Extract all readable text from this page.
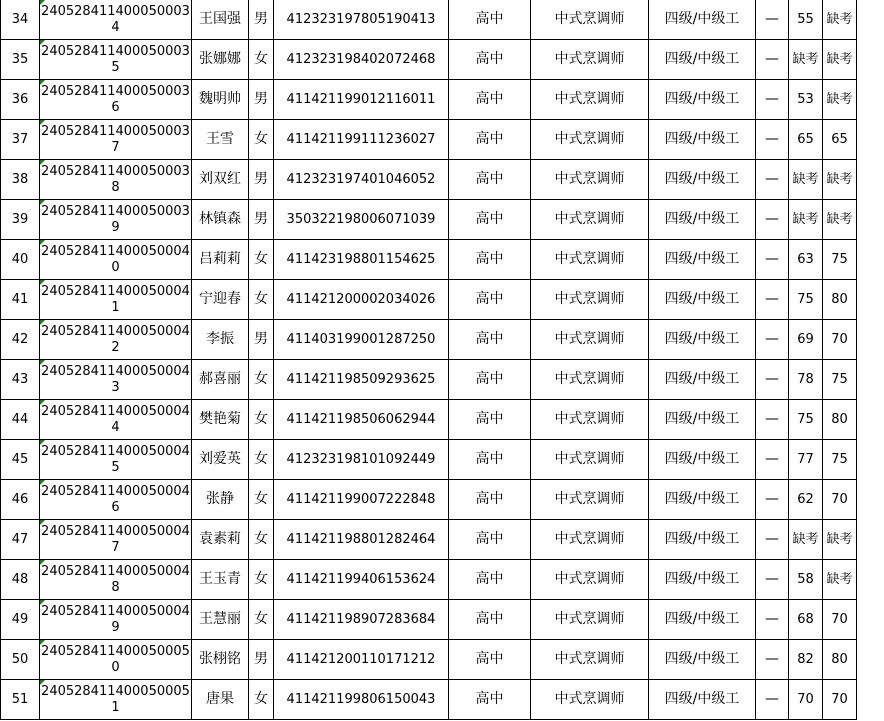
34	2405284114000500034	王国强	男	412323197805190413	高中	中式烹调师	四级/中级工	—	55	缺考
35	2405284114000500035	张娜娜	女	412323198402072468	高中	中式烹调师	四级/中级工	—	缺考	缺考
36	2405284114000500036	魏明帅	男	411421199012116011	高中	中式烹调师	四级/中级工	—	53	缺考
37	2405284114000500037	王雪	女	411421199111236027	高中	中式烹调师	四级/中级工	—	65	65
38	2405284114000500038	刘双红	男	412323197401046052	高中	中式烹调师	四级/中级工	—	缺考	缺考
39	2405284114000500039	林镇森	男	350322198006071039	高中	中式烹调师	四级/中级工	—	缺考	缺考
40	2405284114000500040	吕莉莉	女	411423198801154625	高中	中式烹调师	四级/中级工	—	63	75
41	2405284114000500041	宁迎春	女	411421200002034026	高中	中式烹调师	四级/中级工	—	75	80
42	2405284114000500042	李振	男	411403199001287250	高中	中式烹调师	四级/中级工	—	69	70
43	2405284114000500043	郝喜丽	女	411421198509293625	高中	中式烹调师	四级/中级工	—	78	75
44	2405284114000500044	樊艳菊	女	411421198506062944	高中	中式烹调师	四级/中级工	—	75	80
45	2405284114000500045	刘爱英	女	412323198101092449	高中	中式烹调师	四级/中级工	—	77	75
46	2405284114000500046	张静	女	411421199007222848	高中	中式烹调师	四级/中级工	—	62	70
47	2405284114000500047	袁素莉	女	411421198801282464	高中	中式烹调师	四级/中级工	—	缺考	缺考
48	2405284114000500048	王玉青	女	411421199406153624	高中	中式烹调师	四级/中级工	—	58	缺考
49	2405284114000500049	王慧丽	女	411421198907283684	高中	中式烹调师	四级/中级工	—	68	70
50	2405284114000500050	张栩铭	男	411421200110171212	高中	中式烹调师	四级/中级工	—	82	80
51	2405284114000500051	唐果	女	411421199806150043	高中	中式烹调师	四级/中级工	—	70	70
